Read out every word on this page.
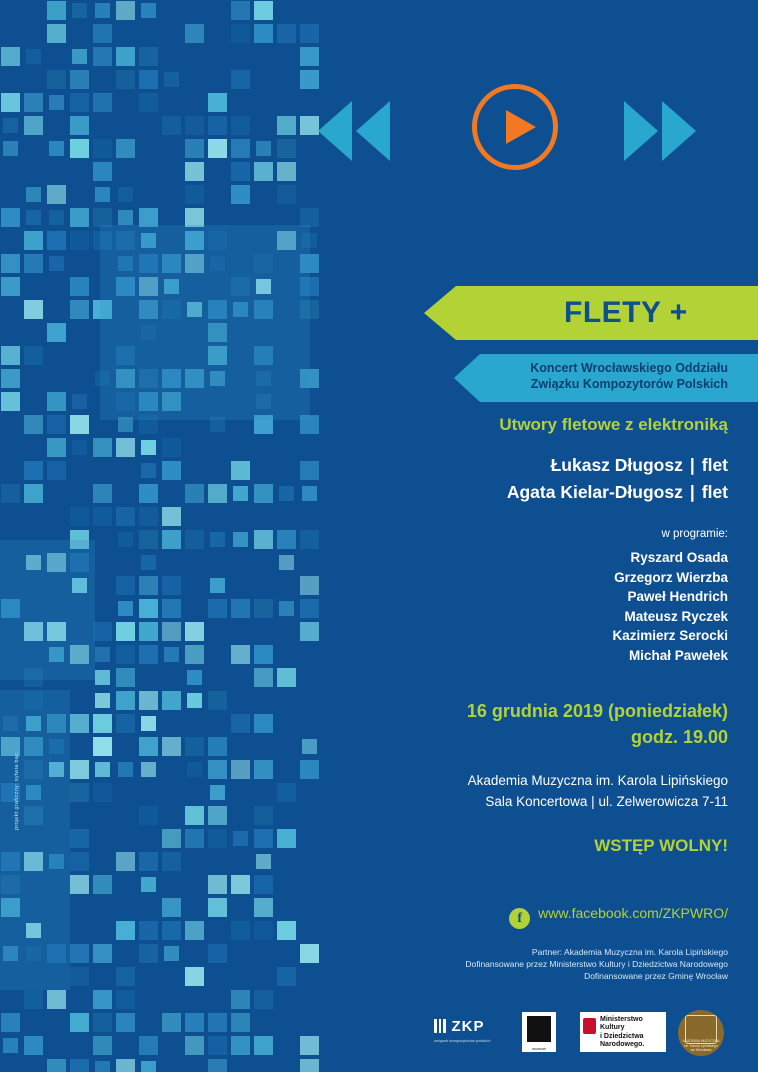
projekt graficzny: sylwia bąc
FLETY +
Koncert Wrocławskiego Oddziału
Związku Kompozytorów Polskich
Utwory fletowe z elektroniką
Łukasz Długosz | flet
Agata Kielar-Długosz | flet
w programie:
Ryszard Osada
Grzegorz Wierzba
Paweł Hendrich
Mateusz Ryczek
Kazimierz Serocki
Michał Pawełek
16 grudnia 2019 (poniedziałek)
godz. 19.00
Akademia Muzyczna im. Karola Lipińskiego
Sala Koncertowa | ul. Zelwerowicza 7-11
WSTĘP WOLNY!
f www.facebook.com/ZKPWRO/
Partner: Akademia Muzyczna im. Karola Lipińskiego
Dofinansowane przez Ministerstwo Kultury i Dziedzictwa Narodowego
Dofinansowane przez Gminę Wrocław
ZKP
związek kompozytorów polskich
muzeum
Ministerstwo
Kultury
i Dziedzictwa
Narodowego.	AKADEMIA MUZYCZNA
im. Karola Lipińskiego
we Wrocławiu
